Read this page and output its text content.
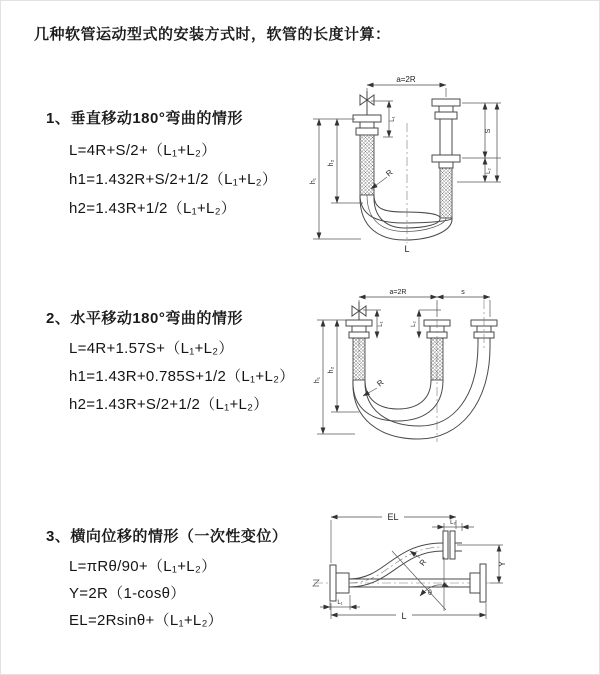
几种软管运动型式的安装方式时，软管的长度计算：
1、垂直移动180°弯曲的情形
L=4R+S/2+（L₁+L₂）
h1=1.432R+S/2+1/2（L₁+L₂）
h2=1.43R+1/2（L₁+L₂）
2、水平移动180°弯曲的情形
L=4R+1.57S+（L₁+L₂）
h1=1.43R+0.785S+1/2（L₁+L₂）
h2=1.43R+S/2+1/2（L₁+L₂）
3、横向位移的情形（一次性变位）
L=πRθ/90+（L₁+L₂）
Y=2R（1-cosθ）
EL=2Rsinθ+（L₁+L₂）
a=2R
h₁
h₂
L₁
S
L₂
R
L
a=2R	s
h₁
h₂
L₁	L₂
R
EL
L₂
Y
θ
R
L₁
L
